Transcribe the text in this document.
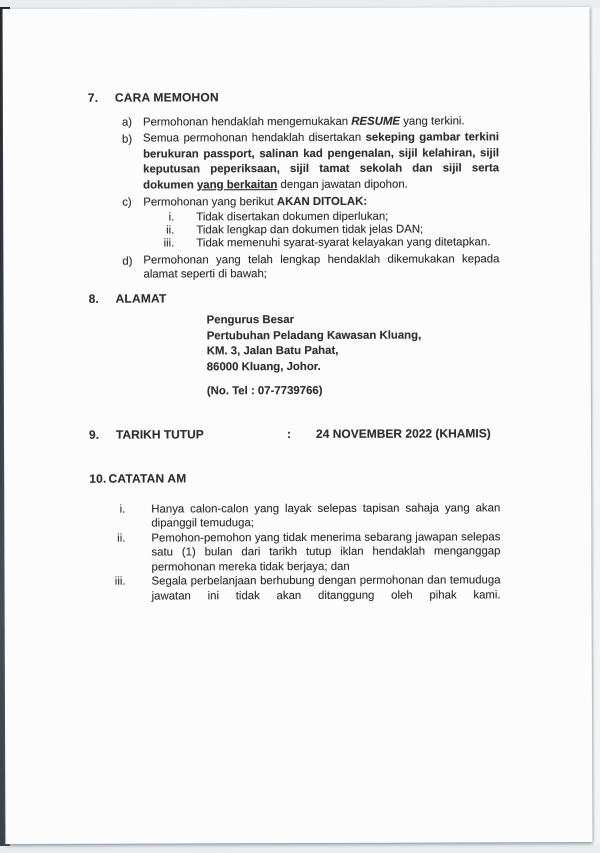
7. CARA MEMOHON
a) Permohonan hendaklah mengemukakan RESUME yang terkini.
b) Semua permohonan hendaklah disertakan sekeping gambar terkini berukuran passport, salinan kad pengenalan, sijil kelahiran, sijil keputusan peperiksaan, sijil tamat sekolah dan sijil serta dokumen yang berkaitan dengan jawatan dipohon.
c)	Permohonan yang berikut AKAN DITOLAK:
i. Tidak disertakan dokumen diperlukan;
ii. Tidak lengkap dan dokumen tidak jelas DAN;
iii. Tidak memenuhi syarat-syarat kelayakan yang ditetapkan.
d) Permohonan yang telah lengkap hendaklah dikemukakan kepada alamat seperti di bawah;
8. ALAMAT
Pengurus Besar
Pertubuhan Peladang Kawasan Kluang,
KM. 3, Jalan Batu Pahat,
86000 Kluang, Johor.
(No. Tel : 07-7739766)
9. TARIKH TUTUP	: 24 NOVEMBER 2022 (KHAMIS)
10. CATATAN AM
i. Hanya calon-calon yang layak selepas tapisan sahaja yang akan dipanggil temuduga;
ii. Pemohon-pemohon yang tidak menerima sebarang jawapan selepas satu (1) bulan dari tarikh tutup iklan hendaklah menganggap permohonan mereka tidak berjaya; dan
iii. Segala perbelanjaan berhubung dengan permohonan dan temuduga jawatan ini tidak akan ditanggung oleh pihak kami.
